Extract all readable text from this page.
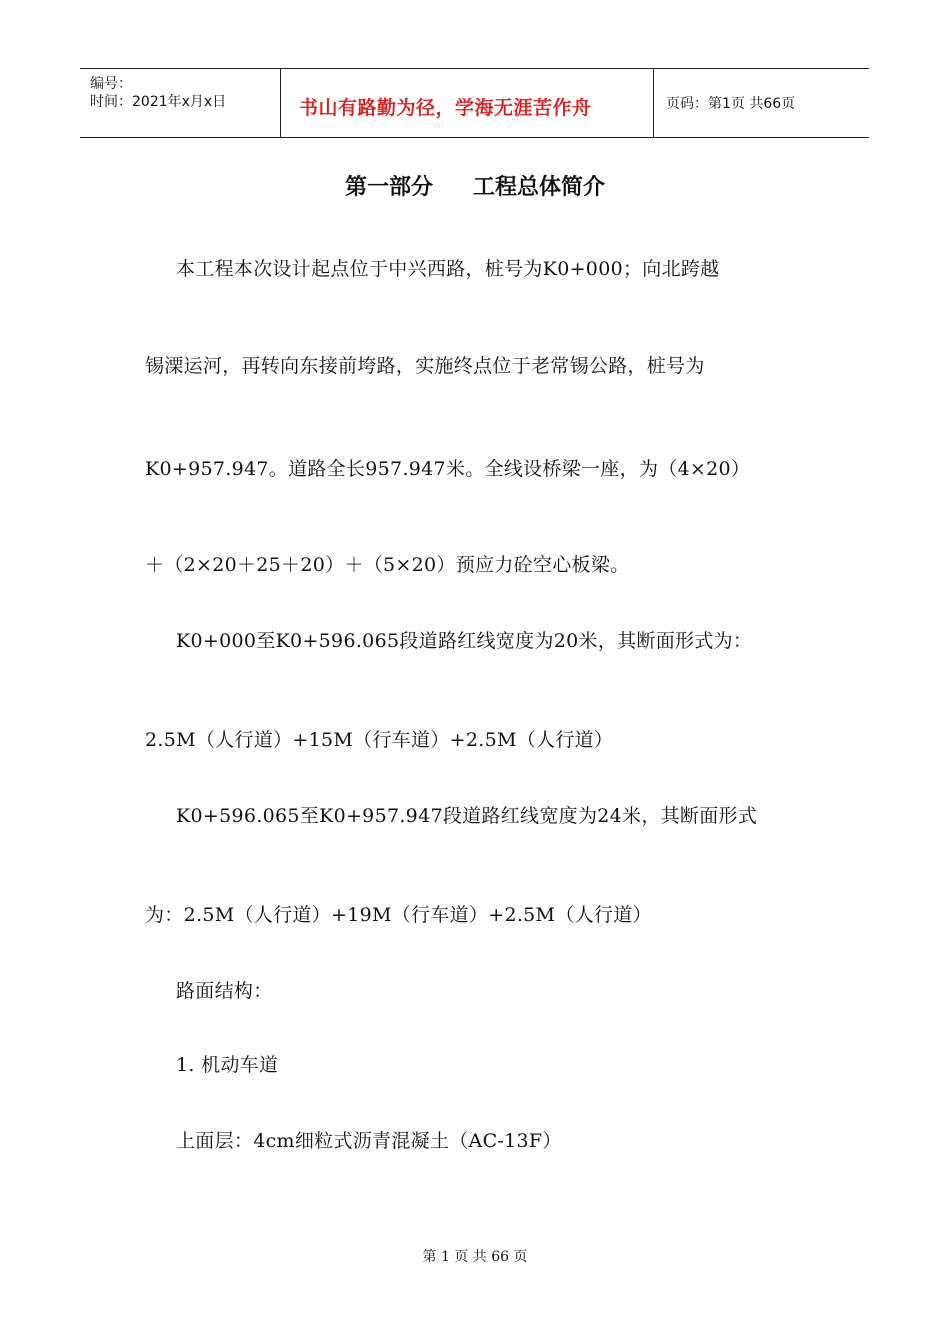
编号：
时间：2021年x月x日	书山有路勤为径，学海无涯苦作舟	页码：第1页 共66页
第一部分 工程总体简介
本工程本次设计起点位于中兴西路，桩号为K0+000；向北跨越
锡溧运河，再转向东接前垮路，实施终点位于老常锡公路，桩号为
K0+957.947。道路全长957.947米。全线设桥梁一座，为（4×20）
＋（2×20＋25＋20）＋（5×20）预应力砼空心板梁。
K0+000至K0+596.065段道路红线宽度为20米，其断面形式为：
2.5M（人行道）+15M（行车道）+2.5M（人行道）
K0+596.065至K0+957.947段道路红线宽度为24米，其断面形式
为：2.5M（人行道）+19M（行车道）+2.5M（人行道）
路面结构：
1. 机动车道
上面层：4cm细粒式沥青混凝土（AC-13F）
第 1 页 共 66 页
